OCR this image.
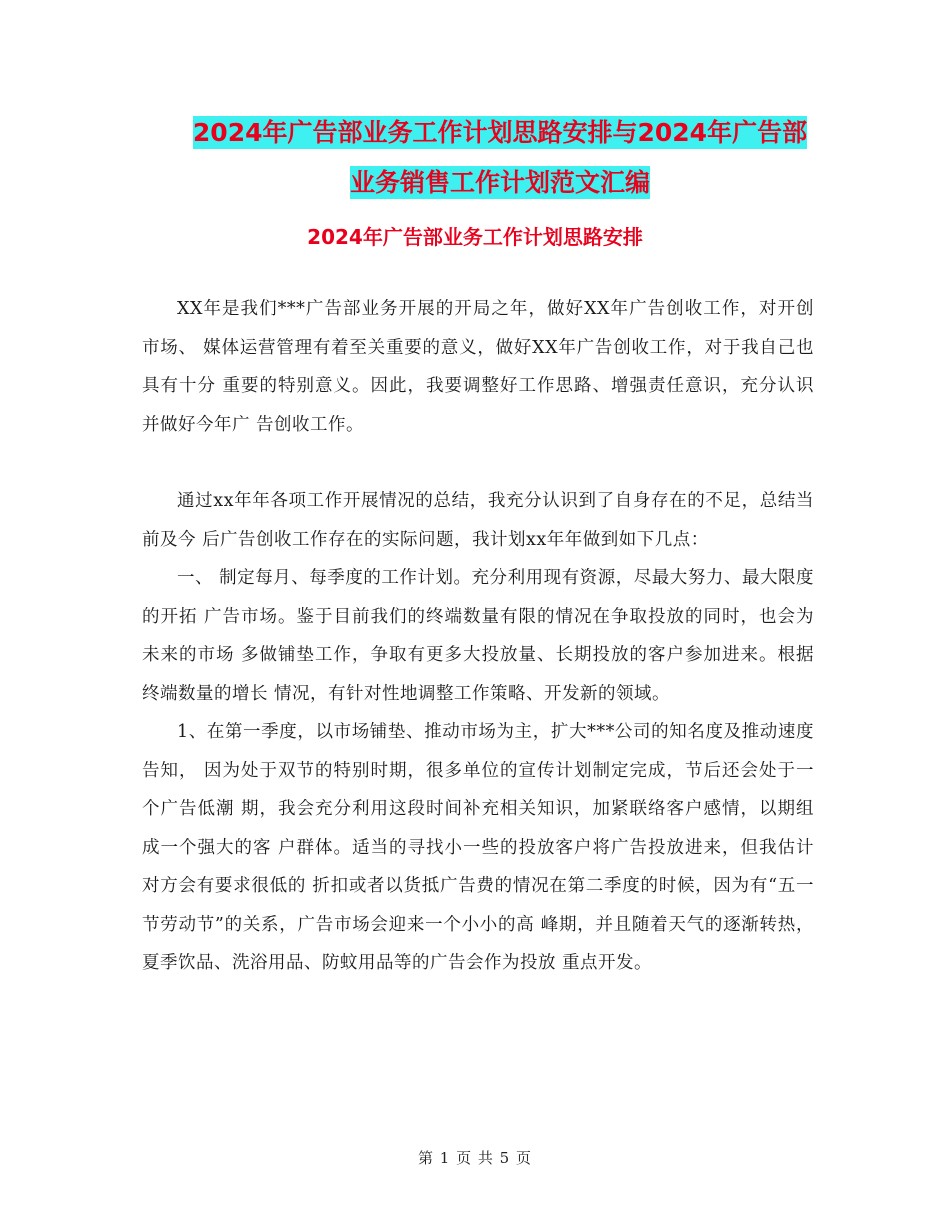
2024年广告部业务工作计划思路安排与2024年广告部
业务销售工作计划范文汇编
2024年广告部业务工作计划思路安排

XX年是我们***广告部业务开展的开局之年，做好XX年广告创收工作，对开创市场、 媒体运营管理有着至关重要的意义，做好XX年广告创收工作，对于我自己也具有十分 重要的特别意义。因此，我要调整好工作思路、增强责任意识，充分认识并做好今年广 告创收工作。

通过xx年年各项工作开展情况的总结，我充分认识到了自身存在的不足，总结当前及今 后广告创收工作存在的实际问题，我计划xx年年做到如下几点：

一、 制定每月、每季度的工作计划。充分利用现有资源，尽最大努力、最大限度的开拓 广告市场。鉴于目前我们的终端数量有限的情况在争取投放的同时，也会为未来的市场 多做铺垫工作，争取有更多大投放量、长期投放的客户参加进来。根据终端数量的增长 情况，有针对性地调整工作策略、开发新的领域。

1、在第一季度，以市场铺垫、推动市场为主，扩大***公司的知名度及推动速度告知， 因为处于双节的特别时期，很多单位的宣传计划制定完成，节后还会处于一个广告低潮 期，我会充分利用这段时间补充相关知识，加紧联络客户感情，以期组成一个强大的客 户群体。适当的寻找小一些的投放客户将广告投放进来，但我估计对方会有要求很低的 折扣或者以货抵广告费的情况在第二季度的时候，因为有“五一节劳动节”的关系，广告市场会迎来一个小小的高 峰期，并且随着天气的逐渐转热，夏季饮品、洗浴用品、防蚊用品等的广告会作为投放 重点开发。

第 1 页 共 5 页
